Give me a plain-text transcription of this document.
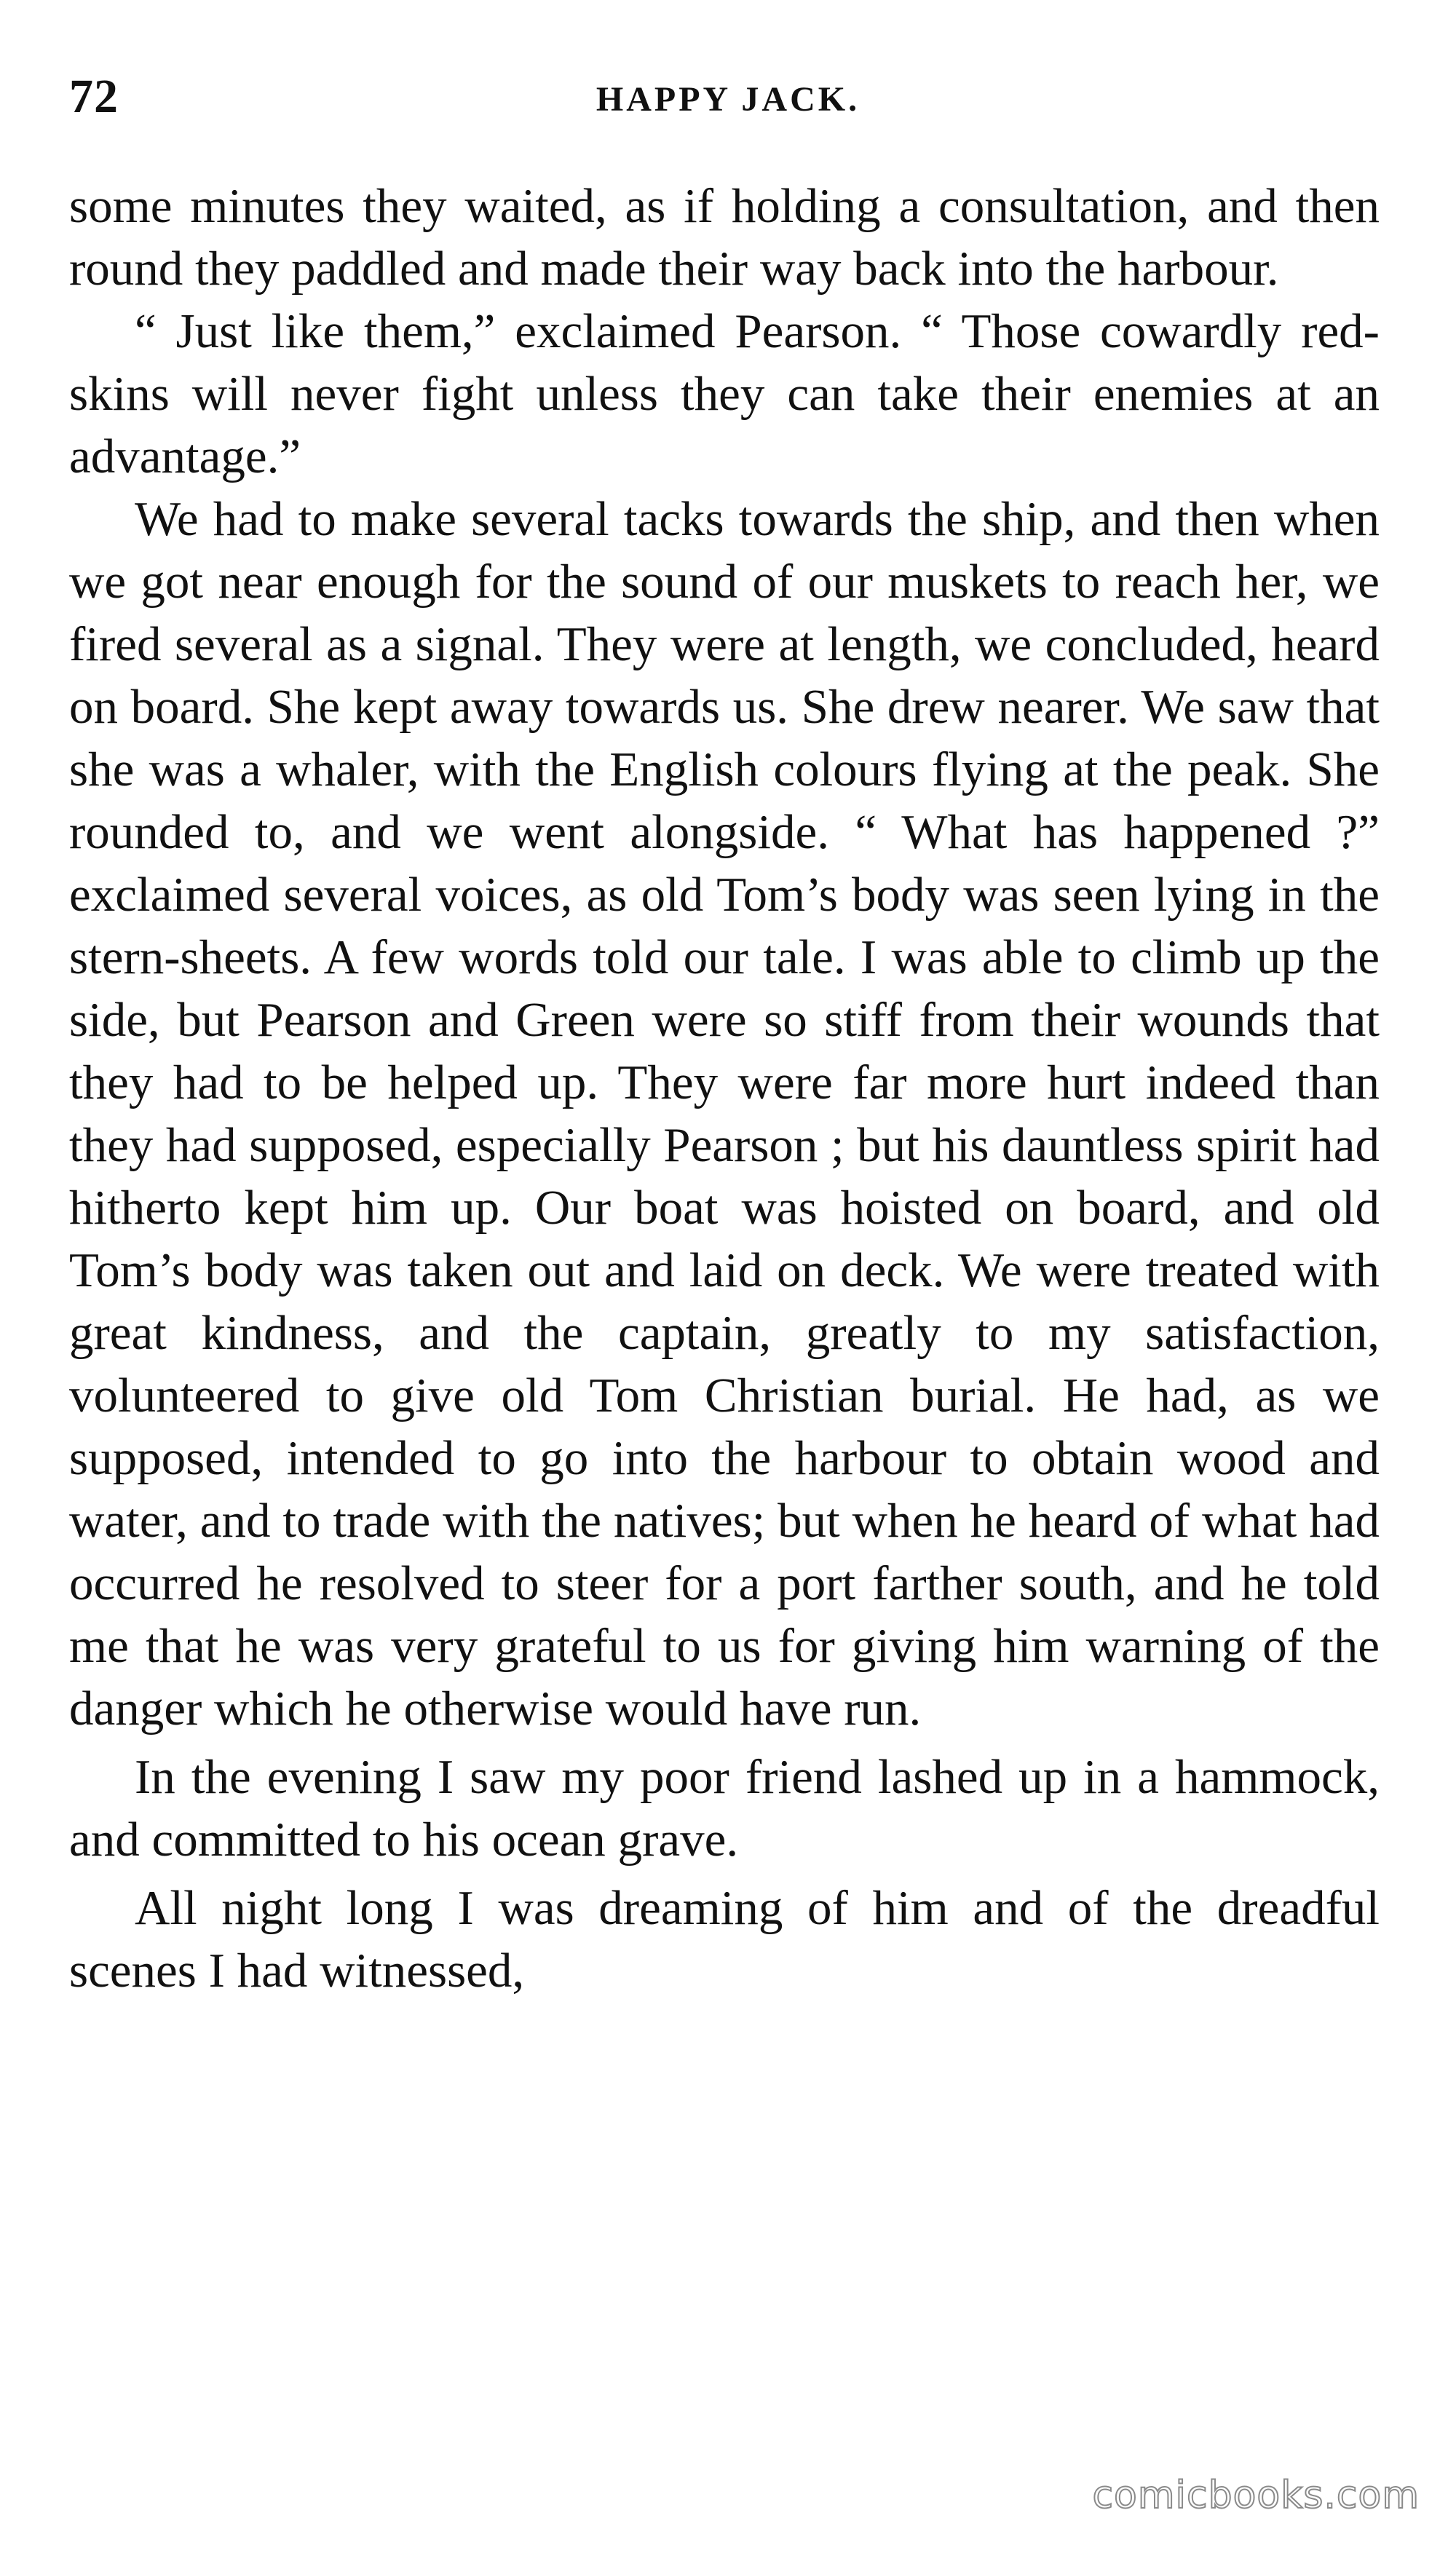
72	HAPPY JACK.

some minutes they waited, as if holding a consultation, and then round they paddled and made their way back into the harbour.

“ Just like them,” exclaimed Pearson. “ Those cowardly red-skins will never fight unless they can take their enemies at an advantage.”

We had to make several tacks towards the ship, and then when we got near enough for the sound of our muskets to reach her, we fired several as a signal. They were at length, we concluded, heard on board. She kept away towards us. She drew nearer. We saw that she was a whaler, with the English colours flying at the peak. She rounded to, and we went alongside. “ What has happened ?” exclaimed several voices, as old Tom’s body was seen lying in the stern-sheets. A few words told our tale. I was able to climb up the side, but Pearson and Green were so stiff from their wounds that they had to be helped up. They were far more hurt indeed than they had supposed, especially Pearson ; but his dauntless spirit had hitherto kept him up. Our boat was hoisted on board, and old Tom’s body was taken out and laid on deck. We were treated with great kindness, and the captain, greatly to my satisfaction, volunteered to give old Tom Christian burial. He had, as we supposed, intended to go into the harbour to obtain wood and water, and to trade with the natives; but when he heard of what had occurred he resolved to steer for a port farther south, and he told me that he was very grateful to us for giving him warning of the danger which he otherwise would have run.

In the evening I saw my poor friend lashed up in a hammock, and committed to his ocean grave.

All night long I was dreaming of him and of the dreadful scenes I had witnessed,

comicbooks.com
